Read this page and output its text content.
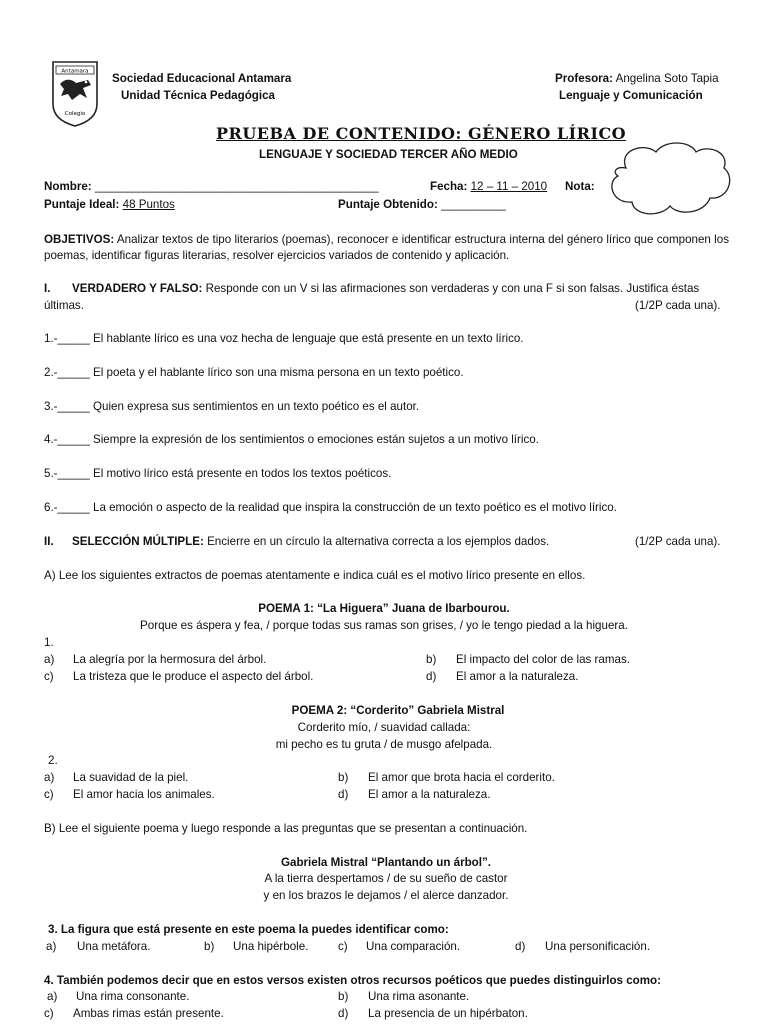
Antamara
Colegio
Sociedad Educacional Antamara
Unidad Técnica Pedagógica
Profesora: Angelina Soto Tapia
Lenguaje y Comunicación
PRUEBA DE CONTENIDO: GÉNERO LÍRICO
LENGUAJE Y SOCIEDAD TERCER AÑO MEDIO
Nombre: ____________________________________________	Fecha: 12 – 11 – 2010 Nota:
Puntaje Ideal: 48 Puntos	Puntaje Obtenido: __________
OBJETIVOS: Analizar textos de tipo literarios (poemas), reconocer e identificar estructura interna del género lírico que componen los poemas, identificar figuras literarias, resolver ejercicios variados de contenido y aplicación.
I. VERDADERO Y FALSO: Responde con un V si las afirmaciones son verdaderas y con una F si son falsas. Justifica éstas
últimas.	(1/2P cada una).
1.-_____ El hablante lírico es una voz hecha de lenguaje que está presente en un texto lírico.
2.-_____ El poeta y el hablante lírico son una misma persona en un texto poético.
3.-_____ Quien expresa sus sentimientos en un texto poético es el autor.
4.-_____ Siempre la expresión de los sentimientos o emociones están sujetos a un motivo lírico.
5.-_____ El motivo lírico está presente en todos los textos poéticos.
6.-_____ La emoción o aspecto de la realidad que inspira la construcción de un texto poético es el motivo lírico.
II. SELECCIÓN MÚLTIPLE: Encierre en un círculo la alternativa correcta a los ejemplos dados.	(1/2P cada una).
A) Lee los siguientes extractos de poemas atentamente e indica cuál es el motivo lírico presente en ellos.
POEMA 1: “La Higuera” Juana de Ibarbourou.
Porque es áspera y fea, / porque todas sus ramas son grises, / yo le tengo piedad a la higuera.
1.
a) La alegría por la hermosura del árbol.	b) El impacto del color de las ramas.
c) La tristeza que le produce el aspecto del árbol.	d) El amor a la naturaleza.
POEMA 2: “Corderito” Gabriela Mistral
Corderito mío, / suavidad callada:
mi pecho es tu gruta / de musgo afelpada.
2.
a) La suavidad de la piel.	b) El amor que brota hacia el corderito.
c) El amor hacia los animales.	d) El amor a la naturaleza.
B) Lee el siguiente poema y luego responde a las preguntas que se presentan a continuación.
Gabriela Mistral “Plantando un árbol”.
A la tierra despertamos / de su sueño de castor
y en los brazos le dejamos / el alerce danzador.
3. La figura que está presente en este poema la puedes identificar como:
a) Una metáfora.	b) Una hipérbole.	c) Una comparación.	d) Una personificación.
4. También podemos decir que en estos versos existen otros recursos poéticos que puedes distinguirlos como:
a) Una rima consonante.	b) Una rima asonante.
c) Ambas rimas están presente.	d) La presencia de un hipérbaton.
